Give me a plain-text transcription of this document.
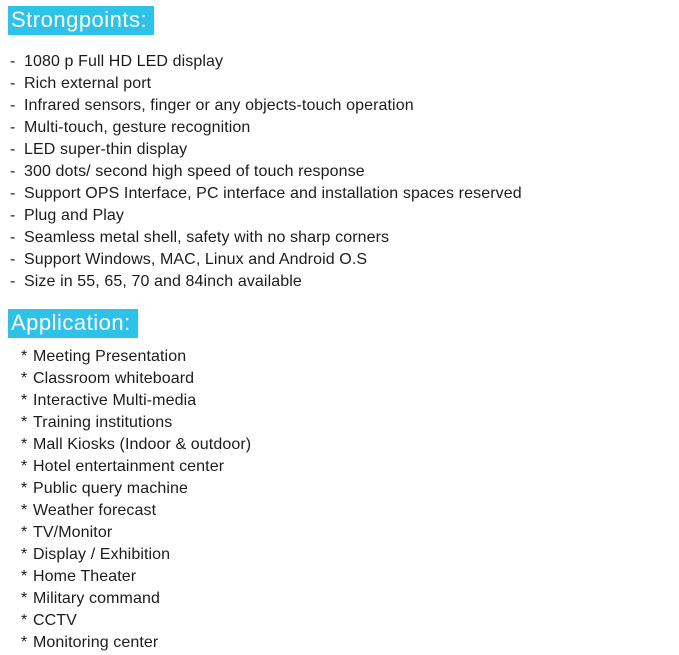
Strongpoints:
- 1080 p Full HD LED display
- Rich external port
- Infrared sensors, finger or any objects-touch operation
- Multi-touch, gesture recognition
- LED super-thin display
- 300 dots/ second high speed of touch response
- Support OPS Interface, PC interface and installation spaces reserved
- Plug and Play
- Seamless metal shell, safety with no sharp corners
- Support Windows, MAC, Linux and Android O.S
- Size in 55, 65, 70 and 84inch available
Application:
* Meeting Presentation
* Classroom whiteboard
* Interactive Multi-media
* Training institutions
* Mall Kiosks (Indoor & outdoor)
* Hotel entertainment center
* Public query machine
* Weather forecast
* TV/Monitor
* Display / Exhibition
* Home Theater
* Military command
* CCTV
* Monitoring center
